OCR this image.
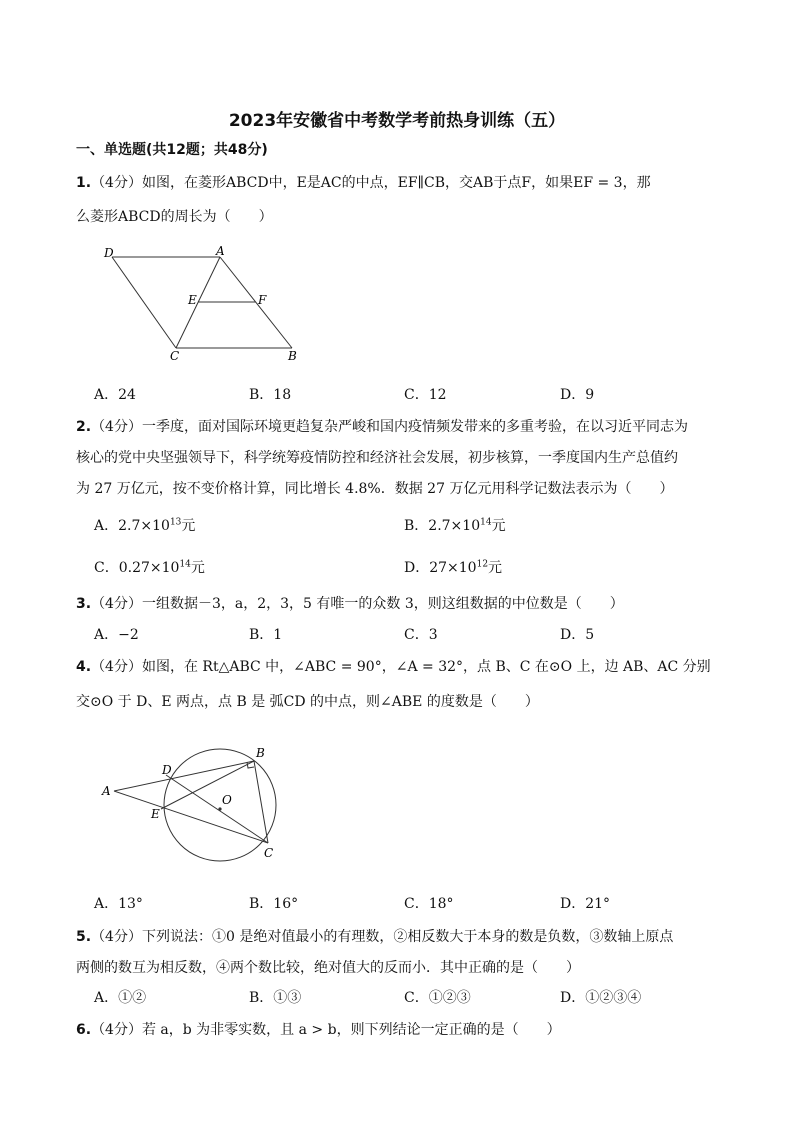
2023年安徽省中考数学考前热身训练（五）
一、单选题(共12题；共48分)
1.（4分）如图，在菱形ABCD中，E是AC的中点，EF∥CB，交AB于点F，如果EF = 3，那
么菱形ABCD的周长为（　　）
D	A
E	F
C	B
A．24	B．18	C．12	D．9
2.（4分）一季度，面对国际环境更趋复杂严峻和国内疫情频发带来的多重考验，在以习近平同志为
核心的党中央坚强领导下，科学统筹疫情防控和经济社会发展，初步核算，一季度国内生产总值约
为 27 万亿元，按不变价格计算，同比增长 4.8%．数据 27 万亿元用科学记数法表示为（　　）
A．$2.7\times 10^{13}$元	B．$2.7\times 10^{14}$元
C．$0.27\times 10^{14}$元	D．$27\times 10^{12}$元
3.（4分）一组数据－3，a，2，3，5 有唯一的众数 3，则这组数据的中位数是（　　）
A．−2	B．1	C．3	D．5
4.（4分）如图，在 Rt△ABC 中，∠ABC = 90°，∠A = 32°，点 B、C 在⊙O 上，边 AB、AC 分别
交⊙O 于 D、E 两点，点 B 是 弧CD 的中点，则∠ABE 的度数是（　　）
A
B
C
D
E
O
A．13°	B．16°	C．18°	D．21°
5.（4分）下列说法：①0 是绝对值最小的有理数，②相反数大于本身的数是负数，③数轴上原点
两侧的数互为相反数，④两个数比较，绝对值大的反而小．其中正确的是（　　）
A．①②	B．①③	C．①②③	D．①②③④
6.（4分）若 a，b 为非零实数，且 a > b，则下列结论一定正确的是（　　）
